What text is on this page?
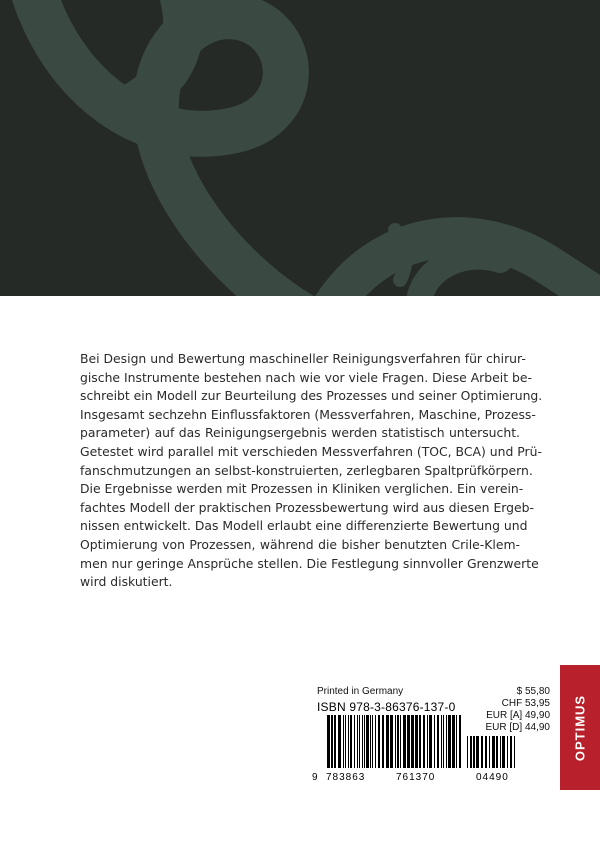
Bei Design und Bewertung maschineller Reinigungsverfahren für chirur-
gische Instrumente bestehen nach wie vor viele Fragen. Diese Arbeit be-
schreibt ein Modell zur Beurteilung des Prozesses und seiner Optimierung.
Insgesamt sechzehn Einflussfaktoren (Messverfahren, Maschine, Prozess-
parameter) auf das Reinigungsergebnis werden statistisch untersucht.
Getestet wird parallel mit verschieden Messverfahren (TOC, BCA) und Prü-
fanschmutzungen an selbst-konstruierten, zerlegbaren Spaltprüfkörpern.
Die Ergebnisse werden mit Prozessen in Kliniken verglichen. Ein verein-
fachtes Modell der praktischen Prozessbewertung wird aus diesen Ergeb-
nissen entwickelt. Das Modell erlaubt eine differenzierte Bewertung und
Optimierung von Prozessen, während die bisher benutzten Crile-Klem-
men nur geringe Ansprüche stellen. Die Festlegung sinnvoller Grenzwerte
wird diskutiert.
Printed in Germany
ISBN 978-3-86376-137-0
$ 55,80
CHF 53,95
EUR [A] 49,90
EUR [D] 44,90
9 783863	761370	04490
OPTIMUS
